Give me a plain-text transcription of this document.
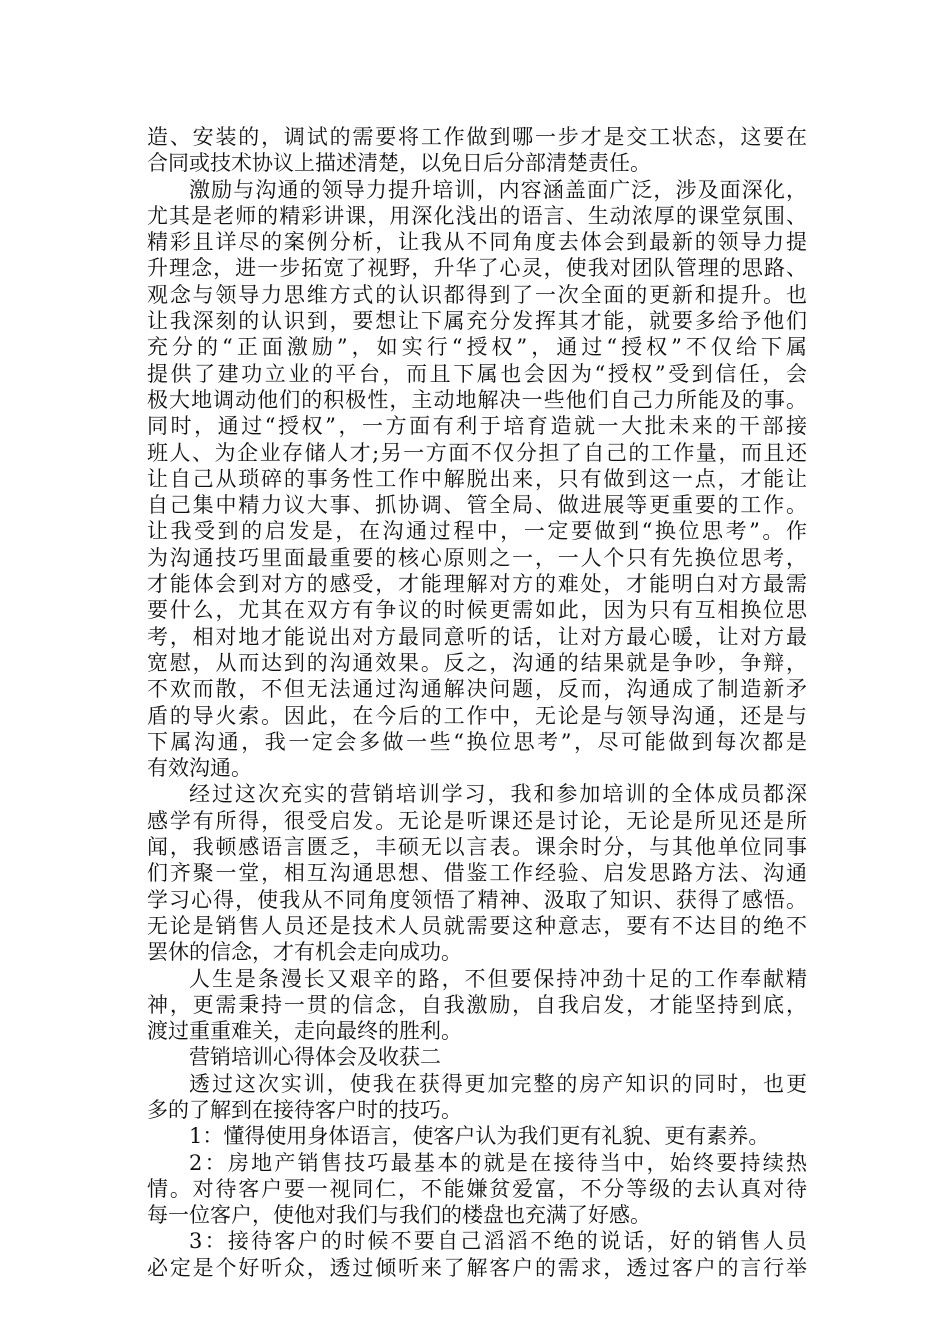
造、安装的，调试的需要将工作做到哪一步才是交工状态，这要在
合同或技术协议上描述清楚，以免日后分部清楚责任。
激励与沟通的领导力提升培训，内容涵盖面广泛，涉及面深化，
尤其是老师的精彩讲课，用深化浅出的语言、生动浓厚的课堂氛围、
精彩且详尽的案例分析，让我从不同角度去体会到最新的领导力提
升理念，进一步拓宽了视野，升华了心灵，使我对团队管理的思路、
观念与领导力思维方式的认识都得到了一次全面的更新和提升。也
让我深刻的认识到，要想让下属充分发挥其才能，就要多给予他们
充分的“正面激励”，如实行“授权”，通过“授权”不仅给下属
提供了建功立业的平台，而且下属也会因为“授权”受到信任，会
极大地调动他们的积极性，主动地解决一些他们自己力所能及的事。
同时，通过“授权”，一方面有利于培育造就一大批未来的干部接
班人、为企业存储人才;另一方面不仅分担了自己的工作量，而且还
让自己从琐碎的事务性工作中解脱出来，只有做到这一点，才能让
自己集中精力议大事、抓协调、管全局、做进展等更重要的工作。
让我受到的启发是，在沟通过程中，一定要做到“换位思考”。作
为沟通技巧里面最重要的核心原则之一，一人个只有先换位思考，
才能体会到对方的感受，才能理解对方的难处，才能明白对方最需
要什么，尤其在双方有争议的时候更需如此，因为只有互相换位思
考，相对地才能说出对方最同意听的话，让对方最心暖，让对方最
宽慰，从而达到的沟通效果。反之，沟通的结果就是争吵，争辩，
不欢而散，不但无法通过沟通解决问题，反而，沟通成了制造新矛
盾的导火索。因此，在今后的工作中，无论是与领导沟通，还是与
下属沟通，我一定会多做一些“换位思考”，尽可能做到每次都是
有效沟通。
经过这次充实的营销培训学习，我和参加培训的全体成员都深
感学有所得，很受启发。无论是听课还是讨论，无论是所见还是所
闻，我顿感语言匮乏，丰硕无以言表。课余时分，与其他单位同事
们齐聚一堂，相互沟通思想、借鉴工作经验、启发思路方法、沟通
学习心得，使我从不同角度领悟了精神、汲取了知识、获得了感悟。
无论是销售人员还是技术人员就需要这种意志，要有不达目的绝不
罢休的信念，才有机会走向成功。
人生是条漫长又艰辛的路，不但要保持冲劲十足的工作奉献精
神，更需秉持一贯的信念，自我激励，自我启发，才能坚持到底，
渡过重重难关，走向最终的胜利。
营销培训心得体会及收获二
透过这次实训，使我在获得更加完整的房产知识的同时，也更
多的了解到在接待客户时的技巧。
1：懂得使用身体语言，使客户认为我们更有礼貌、更有素养。
2：房地产销售技巧最基本的就是在接待当中，始终要持续热
情。对待客户要一视同仁，不能嫌贫爱富，不分等级的去认真对待
每一位客户，使他对我们与我们的楼盘也充满了好感。
3：接待客户的时候不要自己滔滔不绝的说话，好的销售人员
必定是个好听众，透过倾听来了解客户的需求，透过客户的言行举
